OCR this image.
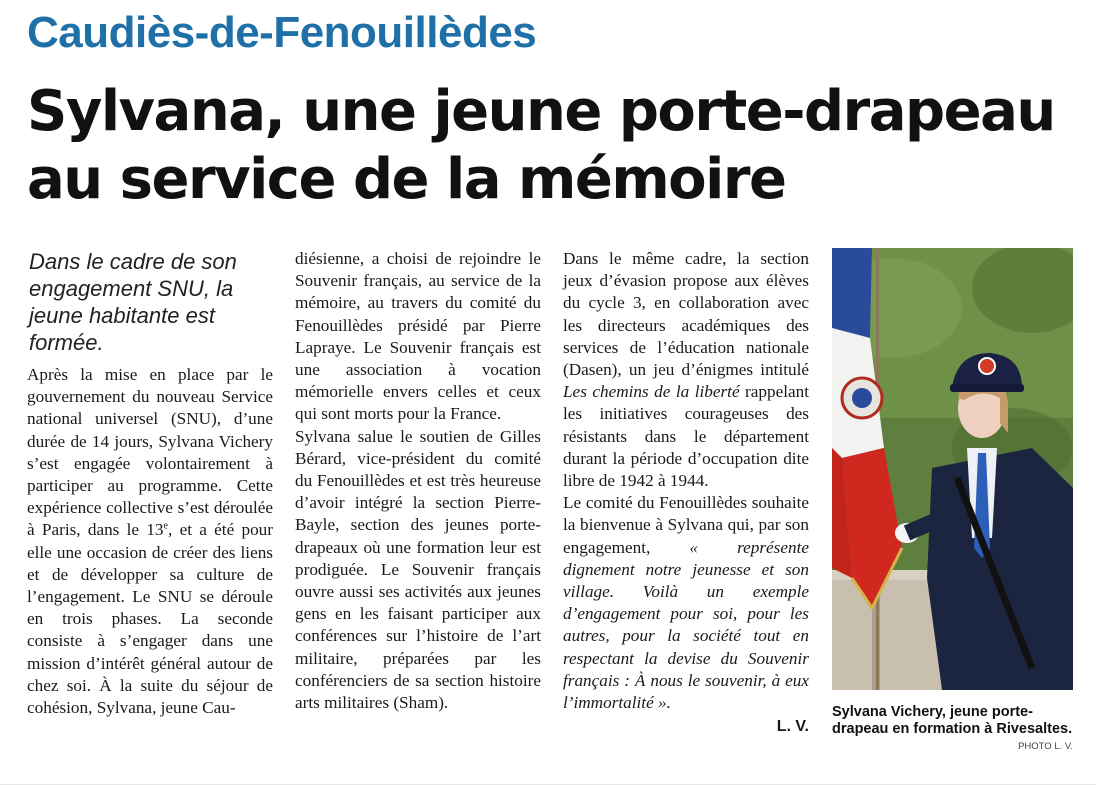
Caudiès-de-Fenouillèdes
Sylvana, une jeune porte-drapeau
au service de la mémoire

Dans le cadre de son engagement SNU, la jeune habitante est formée.

Après la mise en place par le gouvernement du nouveau Service national universel (SNU), d’une durée de 14 jours, Sylvana Vichery s’est engagée volontairement à participer au programme. Cette expérience collective s’est déroulée à Paris, dans le 13e, et a été pour elle une occasion de créer des liens et de développer sa culture de l’engagement. Le SNU se déroule en trois phases. La seconde consiste à s’engager dans une mission d’intérêt général autour de chez soi. À la suite du séjour de cohésion, Sylvana, jeune Cau-

diésienne, a choisi de rejoindre le Souvenir français, au service de la mémoire, au travers du comité du Fenouillèdes présidé par Pierre Lapraye. Le Souvenir français est une association à vocation mémorielle envers celles et ceux qui sont morts pour la France.

Sylvana salue le soutien de Gilles Bérard, vice-président du comité du Fenouillèdes et est très heureuse d’avoir intégré la section Pierre-Bayle, section des jeunes porte-drapeaux où une formation leur est prodiguée. Le Souvenir français ouvre aussi ses activités aux jeunes gens en les faisant participer aux conférences sur l’histoire de l’art militaire, préparées par les conférenciers de sa section histoire arts militaires (Sham).

Dans le même cadre, la section jeux d’évasion propose aux élèves du cycle 3, en collaboration avec les directeurs académiques des services de l’éducation nationale (Dasen), un jeu d’énigmes intitulé Les chemins de la liberté rappelant les initiatives courageuses des résistants dans le département durant la période d’occupation dite libre de 1942 à 1944.

Le comité du Fenouillèdes souhaite la bienvenue à Sylvana qui, par son engagement, « représente dignement notre jeunesse et son village. Voilà un exemple d’engagement pour soi, pour les autres, pour la société tout en respectant la devise du Souvenir français : À nous le souvenir, à eux l’immortalité ».

L. V.

Sylvana Vichery, jeune porte-drapeau en formation à Rivesaltes.
PHOTO L. V.
